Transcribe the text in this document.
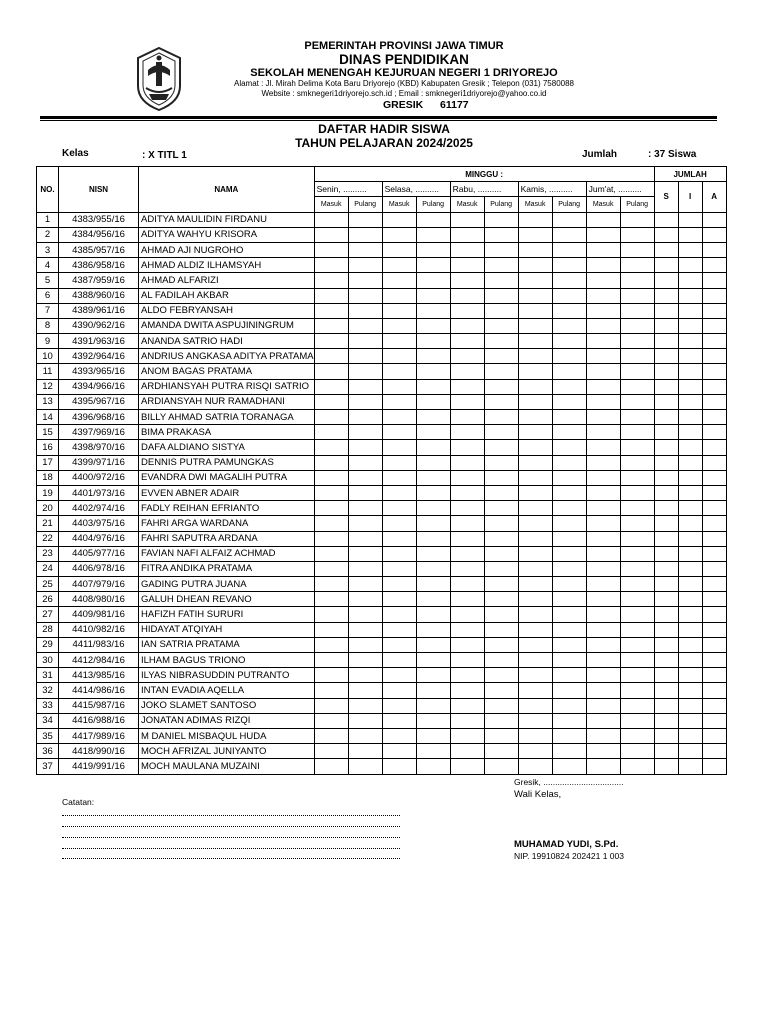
PEMERINTAH PROVINSI JAWA TIMUR
DINAS PENDIDIKAN
SEKOLAH MENENGAH KEJURUAN NEGERI 1 DRIYOREJO
Alamat : Jl. Mirah Delima Kota Baru Driyorejo (KBD) Kabupaten Gresik ; Telepon (031) 7580088
Website : smknegeri1driyorejo.sch.id ; Email : smknegeri1driyorejo@yahoo.co.id
GRESIK 61177
DAFTAR HADIR SISWA
TAHUN PELAJARAN 2024/2025
Kelas	: X TITL 1	Jumlah	: 37 Siswa
NO.	NISN	NAMA	MINGGU :										JUMLAH		
			Senin, ..........		Selasa, ..........		Rabu, ..........		Kamis, ..........		Jum'at, ..........		S	I	A
			Masuk	Pulang	Masuk	Pulang	Masuk	Pulang	Masuk	Pulang	Masuk	Pulang			
1	4383/955/16	ADITYA MAULIDIN FIRDANU													
2	4384/956/16	ADITYA WAHYU KRISORA													
3	4385/957/16	AHMAD AJI NUGROHO													
4	4386/958/16	AHMAD ALDIZ ILHAMSYAH													
5	4387/959/16	AHMAD ALFARIZI													
6	4388/960/16	AL FADILAH AKBAR													
7	4389/961/16	ALDO FEBRYANSAH													
8	4390/962/16	AMANDA DWITA ASPUJININGRUM													
9	4391/963/16	ANANDA SATRIO HADI													
10	4392/964/16	ANDRIUS ANGKASA ADITYA PRATAMA													
11	4393/965/16	ANOM BAGAS PRATAMA													
12	4394/966/16	ARDHIANSYAH PUTRA RISQI SATRIO													
13	4395/967/16	ARDIANSYAH NUR RAMADHANI													
14	4396/968/16	BILLY AHMAD SATRIA TORANAGA													
15	4397/969/16	BIMA PRAKASA													
16	4398/970/16	DAFA ALDIANO SISTYA													
17	4399/971/16	DENNIS PUTRA PAMUNGKAS													
18	4400/972/16	EVANDRA DWI MAGALIH PUTRA													
19	4401/973/16	EVVEN ABNER ADAIR													
20	4402/974/16	FADLY REIHAN EFRIANTO													
21	4403/975/16	FAHRI ARGA WARDANA													
22	4404/976/16	FAHRI SAPUTRA ARDANA													
23	4405/977/16	FAVIAN NAFI ALFAIZ ACHMAD													
24	4406/978/16	FITRA ANDIKA PRATAMA													
25	4407/979/16	GADING PUTRA JUANA													
26	4408/980/16	GALUH DHEAN REVANO													
27	4409/981/16	HAFIZH FATIH SURURI													
28	4410/982/16	HIDAYAT ATQIYAH													
29	4411/983/16	IAN SATRIA PRATAMA													
30	4412/984/16	ILHAM BAGUS TRIONO													
31	4413/985/16	ILYAS NIBRASUDDIN PUTRANTO													
32	4414/986/16	INTAN EVADIA AQELLA													
33	4415/987/16	JOKO SLAMET SANTOSO													
34	4416/988/16	JONATAN ADIMAS RIZQI													
35	4417/989/16	M DANIEL MISBAQUL HUDA													
36	4418/990/16	MOCH AFRIZAL JUNIYANTO													
37	4419/991/16	MOCH MAULANA MUZAINI													
Gresik, ..................................
Wali Kelas,
Catatan:
MUHAMAD YUDI, S.Pd.
NIP. 19910824 202421 1 003
